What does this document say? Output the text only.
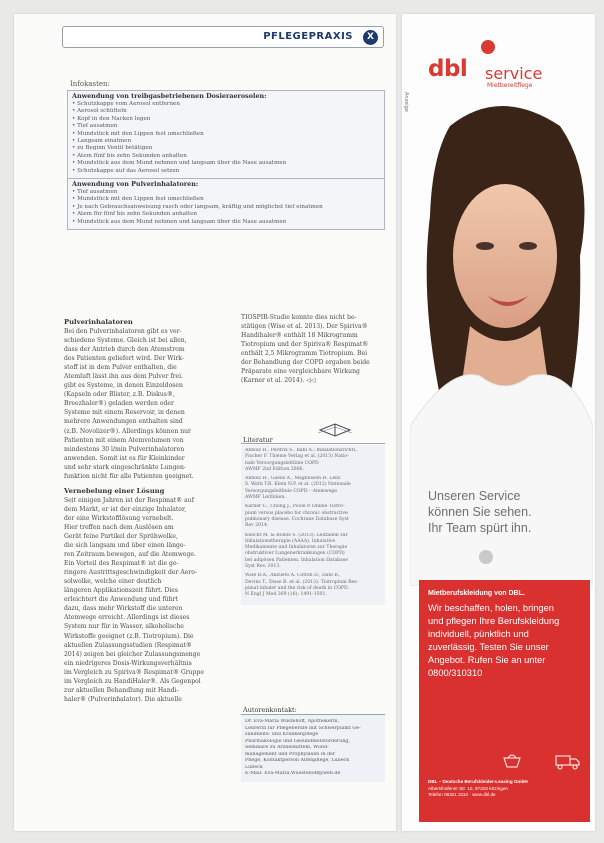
PFLEGEPRAXIS	X
Anzeige
Infokasten:
Anwendung von treibgasbetriebenen Dosieraerosolen:
• Schutzkappe vom Aerosol entfernen
• Aerosol schütteln
• Kopf in den Nacken legen
• Tief ausatmen
• Mundstück mit den Lippen fest umschließen
• Langsam einatmen
• zu Beginn Ventil betätigen
• Atem fünf bis zehn Sekunden anhalten
• Mundstück aus dem Mund nehmen und langsam über die Nase ausatmen
• Schutzkappe auf das Aerosol setzen
Anwendung von Pulverinhalatoren:
• Tief ausatmen
• Mundstück mit den Lippen fest umschließen
• Je nach Gebrauchsanweisung rasch oder langsam, kräftig und möglichst tief einatmen
• Atem für fünf bis zehn Sekunden anhalten
• Mundstück aus dem Mund nehmen und langsam über die Nase ausatmen
Pulverinhalatoren
Bei den Pulverinhalatoren gibt es ver-
schiedene Systeme. Gleich ist bei allen,
dass der Antrieb durch den Atemstrom
des Patienten geliefert wird. Der Wirk-
stoff ist in dem Pulver enthalten, die
Atemluft lässt ihn aus dem Pulver frei.
gibt es Systeme, in denen Einzeldosen
(Kapseln oder Blister, z.B. Diskus®,
Breezhaler®) geladen werden oder
Systeme mit einem Reservoir, in denen
mehrere Anwendungen enthalten sind
(z.B. Novolizer®). Allerdings können nur
Patienten mit einem Atemvolumen von
mindestens 30 l/min Pulverinhalatoren
anwenden. Somit ist es für Kleinkinder
und sehr stark eingeschränkte Lungen-
funktion nicht für alle Patienten geeignet.
Vernebelung einer Lösung
Seit einigen Jahren ist der Respimat® auf
dem Markt, er ist der einzige Inhalator,
der eine Wirkstofflösung vernebelt.
Hier treffen nach dem Auslösen am
Gerät feine Partikel der Sprühwolke,
die sich langsam und über einen länge-
ren Zeitraum bewegen, auf die Atemwege.
Ein Vorteil des Respimat® ist die ge-
ringere Austrittsgeschwindigkeit der Aero-
solwolke, welche einer deutlich
längeren Applikationszeit führt. Dies
erleichtert die Anwendung und führt
dazu, dass mehr Wirkstoff die unteren
Atemwege erreicht. Allerdings ist dieses
System nur für in Wasser, alkoholische
Wirkstoffe geeignet (z.B. Tiotropium). Die
aktuellen Zulassungsstudien (Respimat®
2014) zeigen bei gleicher Zulassungsmenge
ein niedrigeres Dosis-Wirkungsverhältnis
im Vergleich zu Spiriva® Respimat® Gruppe
im Vergleich zu HandiHaler®. Als Gegenpol
zur aktuellen Behandlung mit Handi-
haler® (Pulverinhalator). Die aktuelle
TIOSPIR-Studie konnte dies nicht be-
stätigen (Wise et al. 2013). Der Spiriva®
Handihaler® enthält 18 Mikrogramm
Tiotropium und der Spiriva® Respimat®
enthält 2,5 Mikrogramm Tiotropium. Bei
der Behandlung der COPD ergaben beide
Präparate eine vergleichbare Wirkung
(Karner et al. 2014). ◁◁
Literatur
Abholz H., Perdrix S., Bahl A.: Inhalationsrichtl.,
Fischer F. Thieme Verlag et al. (2013) Natio-
nale Versorgungsleitlinie COPD
AWMF 2nd Edition 2006.
Abholz H., Gaens A., Magnussen H. Lenz
S. Welti T.B. Klein N.P. et al. (2012) Nationale
Versorgungsleitlinie COPD – Atemwege
AWMF Leitlinien.
Karner C., Chong J., Poole P. Online Tiotro-
pium versus placebo for chronic obstructive
pulmonary disease. Cochrane Database Syst
Rev 2014.
Knecht M. & Rohde S. (2013): Leitfaden zur
Inhalationstherapie (AAAA). Inhalative
Medikamente und Inhalatoren zur Therapie
obstruktiver Lungenerkrankungen (COPD)
bei adipösen Patienten. Inhalation Database
Syst Rev, 2013.
Wise R.A., Anzueto A. Cotton D., Dahl R.,
Devins T., Disse B. et al. (2013): Tiotropium Res-
pimat inhaler and the risk of death in COPD.
N Engl J Med 369 (16): 1491-1501.
Autorenkontakt:
Dr. Eva-Maria Wüstehoff, Apothekerin,
Lehrerin für Pflegeberufe mit Schwerpunkt Ge-
sundheits- und Krankenpflege
Pharmakologie und Gesundheitsförderung,
Seminare zu Arzneimitteln, Wund-
management und Prophylaxen in der
Pflege, Kontaktperson Altenpflege, Lübeck
Lübeck
E-Mail: Eva-Maria.Wuestehoff@web.de
dbl service
Mietbereitflege
Unseren Service
können Sie sehen.
Ihr Team spürt ihn.
Mietberufskleidung von DBL.
Wir beschaffen, holen, bringen
und pflegen Ihre Berufskleidung
individuell, pünktlich und
zuverlässig. Testen Sie unser
Angebot. Rufen Sie an unter
0800/310310
DBL – Deutsche Berufskleider-Leasing GmbH
Albertshofener Str. 10, 97318 Kitzingen
Telefon 09321 3110 · www.dbl.de
